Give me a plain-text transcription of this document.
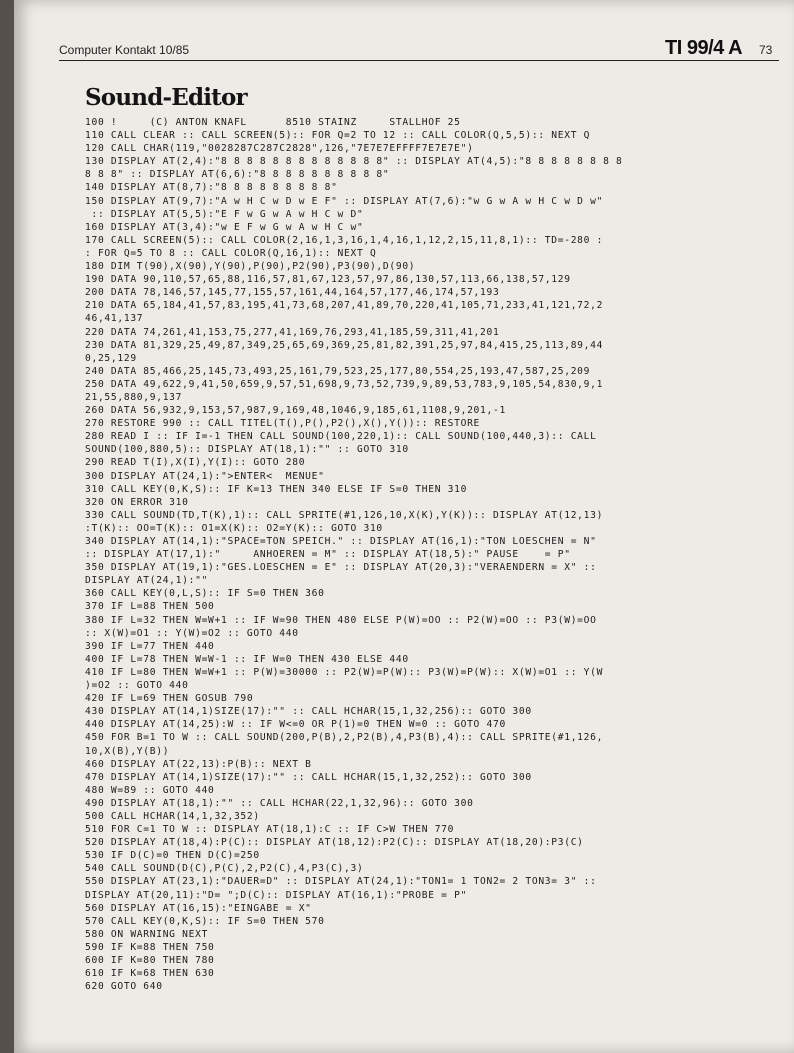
Computer Kontakt 10/85	TI 99/4 A 73
Sound-Editor
100 !     (C) ANTON KNAFL      8510 STAINZ     STALLHOF 25
110 CALL CLEAR :: CALL SCREEN(5):: FOR Q=2 TO 12 :: CALL COLOR(Q,5,5):: NEXT Q
120 CALL CHAR(119,"0028287C287C2828",126,"7E7E7EFFFF7E7E7E")
130 DISPLAY AT(2,4):"8 8 8 8 8 8 8 8 8 8 8 8 8" :: DISPLAY AT(4,5):"8 8 8 8 8 8 8 8
8 8 8" :: DISPLAY AT(6,6):"8 8 8 8 8 8 8 8 8 8"
140 DISPLAY AT(8,7):"8 8 8 8 8 8 8 8 8"
150 DISPLAY AT(9,7):"A w H C w D w E F" :: DISPLAY AT(7,6):"w G w A w H C w D w"
:: DISPLAY AT(5,5):"E F w G w A w H C w D"
160 DISPLAY AT(3,4):"w E F w G w A w H C w"
170 CALL SCREEN(5):: CALL COLOR(2,16,1,3,16,1,4,16,1,12,2,15,11,8,1):: TD=-280 :
: FOR Q=5 TO 8 :: CALL COLOR(Q,16,1):: NEXT Q
180 DIM T(90),X(90),Y(90),P(90),P2(90),P3(90),D(90)
190 DATA 90,110,57,65,88,116,57,81,67,123,57,97,86,130,57,113,66,138,57,129
200 DATA 78,146,57,145,77,155,57,161,44,164,57,177,46,174,57,193
210 DATA 65,184,41,57,83,195,41,73,68,207,41,89,70,220,41,105,71,233,41,121,72,2
46,41,137
220 DATA 74,261,41,153,75,277,41,169,76,293,41,185,59,311,41,201
230 DATA 81,329,25,49,87,349,25,65,69,369,25,81,82,391,25,97,84,415,25,113,89,44
0,25,129
240 DATA 85,466,25,145,73,493,25,161,79,523,25,177,80,554,25,193,47,587,25,209
250 DATA 49,622,9,41,50,659,9,57,51,698,9,73,52,739,9,89,53,783,9,105,54,830,9,1
21,55,880,9,137
260 DATA 56,932,9,153,57,987,9,169,48,1046,9,185,61,1108,9,201,-1
270 RESTORE 990 :: CALL TITEL(T(),P(),P2(),X(),Y()):: RESTORE
280 READ I :: IF I=-1 THEN CALL SOUND(100,220,1):: CALL SOUND(100,440,3):: CALL
SOUND(100,880,5):: DISPLAY AT(18,1):"" :: GOTO 310
290 READ T(I),X(I),Y(I):: GOTO 280
300 DISPLAY AT(24,1):">ENTER<  MENUE"
310 CALL KEY(0,K,S):: IF K=13 THEN 340 ELSE IF S=0 THEN 310
320 ON ERROR 310
330 CALL SOUND(TD,T(K),1):: CALL SPRITE(#1,126,10,X(K),Y(K)):: DISPLAY AT(12,13)
:T(K):: OO=T(K):: O1=X(K):: O2=Y(K):: GOTO 310
340 DISPLAY AT(14,1):"SPACE=TON SPEICH." :: DISPLAY AT(16,1):"TON LOESCHEN = N"
:: DISPLAY AT(17,1):"     ANHOEREN = M" :: DISPLAY AT(18,5):" PAUSE    = P"
350 DISPLAY AT(19,1):"GES.LOESCHEN = E" :: DISPLAY AT(20,3):"VERAENDERN = X" ::
DISPLAY AT(24,1):""
360 CALL KEY(0,L,S):: IF S=0 THEN 360
370 IF L=88 THEN 500
380 IF L=32 THEN W=W+1 :: IF W=90 THEN 480 ELSE P(W)=OO :: P2(W)=OO :: P3(W)=OO
:: X(W)=O1 :: Y(W)=O2 :: GOTO 440
390 IF L=77 THEN 440
400 IF L=78 THEN W=W-1 :: IF W=0 THEN 430 ELSE 440
410 IF L=80 THEN W=W+1 :: P(W)=30000 :: P2(W)=P(W):: P3(W)=P(W):: X(W)=O1 :: Y(W
)=O2 :: GOTO 440
420 IF L=69 THEN GOSUB 790
430 DISPLAY AT(14,1)SIZE(17):"" :: CALL HCHAR(15,1,32,256):: GOTO 300
440 DISPLAY AT(14,25):W :: IF W<=0 OR P(1)=0 THEN W=0 :: GOTO 470
450 FOR B=1 TO W :: CALL SOUND(200,P(B),2,P2(B),4,P3(B),4):: CALL SPRITE(#1,126,
10,X(B),Y(B))
460 DISPLAY AT(22,13):P(B):: NEXT B
470 DISPLAY AT(14,1)SIZE(17):"" :: CALL HCHAR(15,1,32,252):: GOTO 300
480 W=89 :: GOTO 440
490 DISPLAY AT(18,1):"" :: CALL HCHAR(22,1,32,96):: GOTO 300
500 CALL HCHAR(14,1,32,352)
510 FOR C=1 TO W :: DISPLAY AT(18,1):C :: IF C>W THEN 770
520 DISPLAY AT(18,4):P(C):: DISPLAY AT(18,12):P2(C):: DISPLAY AT(18,20):P3(C)
530 IF D(C)=0 THEN D(C)=250
540 CALL SOUND(D(C),P(C),2,P2(C),4,P3(C),3)
550 DISPLAY AT(23,1):"DAUER=D" :: DISPLAY AT(24,1):"TON1= 1 TON2= 2 TON3= 3" ::
DISPLAY AT(20,11):"D= ";D(C):: DISPLAY AT(16,1):"PROBE = P"
560 DISPLAY AT(16,15):"EINGABE = X"
570 CALL KEY(0,K,S):: IF S=0 THEN 570
580 ON WARNING NEXT
590 IF K=88 THEN 750
600 IF K=80 THEN 780
610 IF K=68 THEN 630
620 GOTO 640
